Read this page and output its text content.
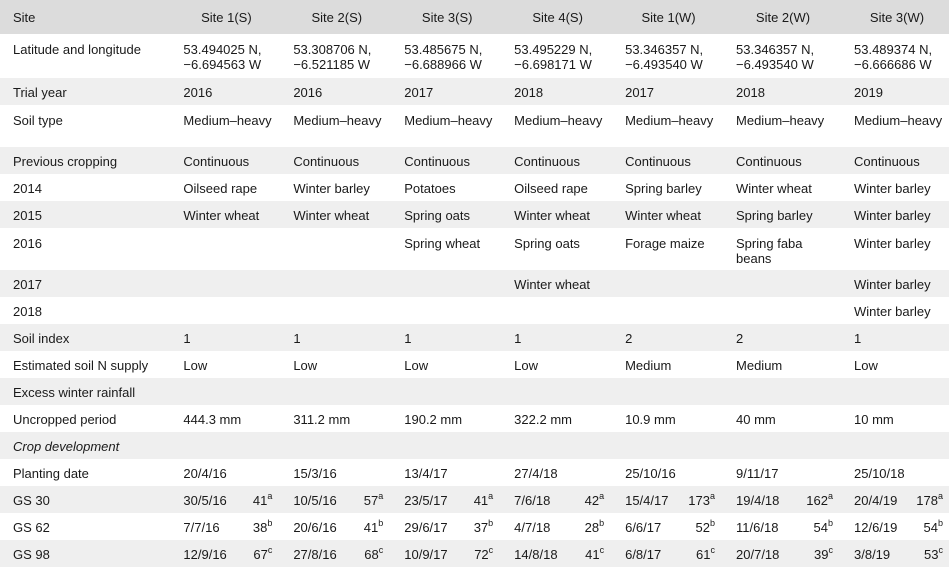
Site	Site 1(S)	Site 2(S)	Site 3(S)	Site 4(S)	Site 1(W)	Site 2(W)	Site 3(W)
Latitude and longitude	53.494025 N, −6.694563 W	53.308706 N, −6.521185 W	53.485675 N, −6.688966 W	53.495229 N, −6.698171 W	53.346357 N, −6.493540 W	53.346357 N, −6.493540 W	53.489374 N, −6.666686 W
Trial year	2016	2016	2017	2018	2017	2018	2019
Soil type	Medium–heavy	Medium–heavy	Medium–heavy	Medium–heavy	Medium–heavy	Medium–heavy	Medium–heavy
Previous cropping	Continuous	Continuous	Continuous	Continuous	Continuous	Continuous	Continuous
2014	Oilseed rape	Winter barley	Potatoes	Oilseed rape	Spring barley	Winter wheat	Winter barley
2015	Winter wheat	Winter wheat	Spring oats	Winter wheat	Winter wheat	Spring barley	Winter barley
2016			Spring wheat	Spring oats	Forage maize	Spring faba beans	Winter barley
2017				Winter wheat			Winter barley
2018							Winter barley
Soil index	1	1	1	1	2	2	1
Estimated soil N supply	Low	Low	Low	Low	Medium	Medium	Low
Excess winter rainfall							
Uncropped period	444.3 mm	311.2 mm	190.2 mm	322.2 mm	10.9 mm	40 mm	10 mm
Crop development							
Planting date	20/4/16	15/3/16	13/4/17	27/4/18	25/10/16	9/11/17	25/10/18
GS 30	30/5/16 41$^a$	10/5/16 57$^a$	23/5/17 41$^a$	7/6/18 42$^a$	15/4/17 173$^a$	19/4/18 162$^a$	20/4/19 178$^a$

GS 62	7/7/16 38$^b$	20/6/16 41$^b$	29/6/17 37$^b$	4/7/18 28$^b$	6/6/17 52$^b$	11/6/18 54$^b$	12/6/19 54$^b$

GS 98	12/9/16 67$^c$	27/8/16 68$^c$	10/9/17 72$^c$	14/8/18 41$^c$	6/8/17 61$^c$	20/7/18 39$^c$	3/8/19 53$^c$
